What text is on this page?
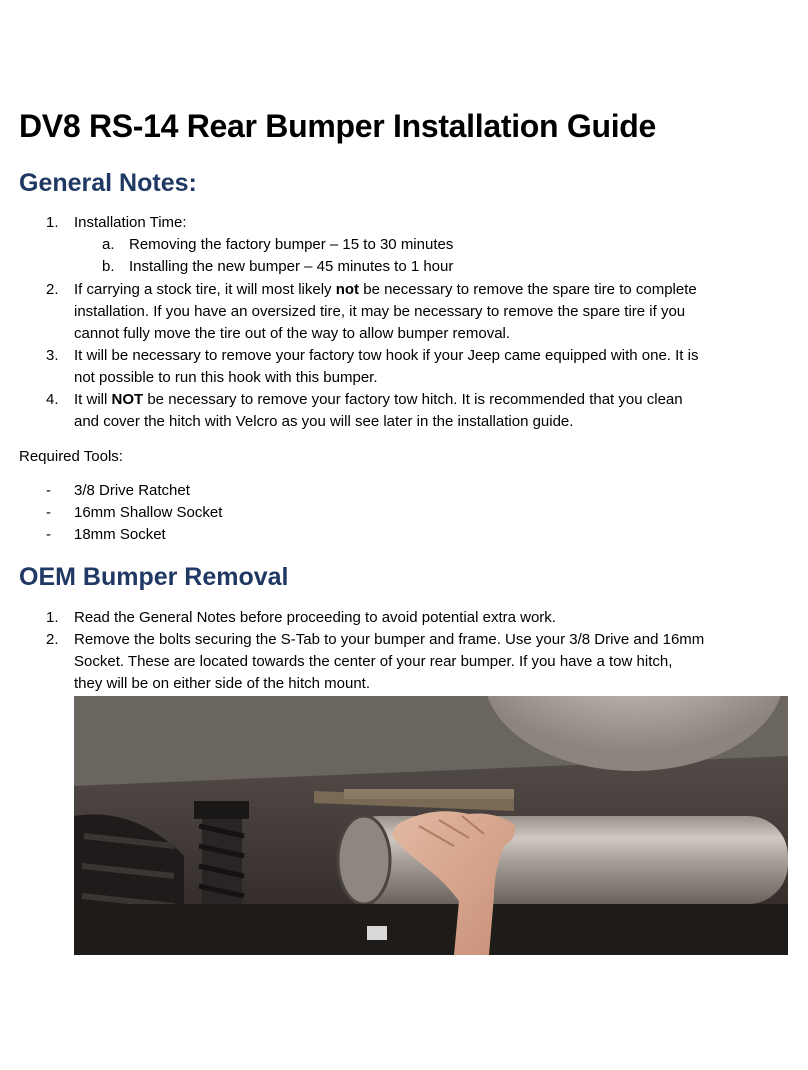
DV8 RS-14 Rear Bumper Installation Guide
General Notes:
1. Installation Time:
a. Removing the factory bumper – 15 to 30 minutes
b. Installing the new bumper – 45 minutes to 1 hour
2. If carrying a stock tire, it will most likely not be necessary to remove the spare tire to complete
installation. If you have an oversized tire, it may be necessary to remove the spare tire if you
cannot fully move the tire out of the way to allow bumper removal.
3. It will be necessary to remove your factory tow hook if your Jeep came equipped with one. It is
not possible to run this hook with this bumper.
4. It will NOT be necessary to remove your factory tow hitch. It is recommended that you clean
and cover the hitch with Velcro as you will see later in the installation guide.
Required Tools:
- 3/8 Drive Ratchet
- 16mm Shallow Socket
- 18mm Socket
OEM Bumper Removal
1. Read the General Notes before proceeding to avoid potential extra work.
2. Remove the bolts securing the S-Tab to your bumper and frame. Use your 3/8 Drive and 16mm
Socket. These are located towards the center of your rear bumper. If you have a tow hitch,
they will be on either side of the hitch mount.
